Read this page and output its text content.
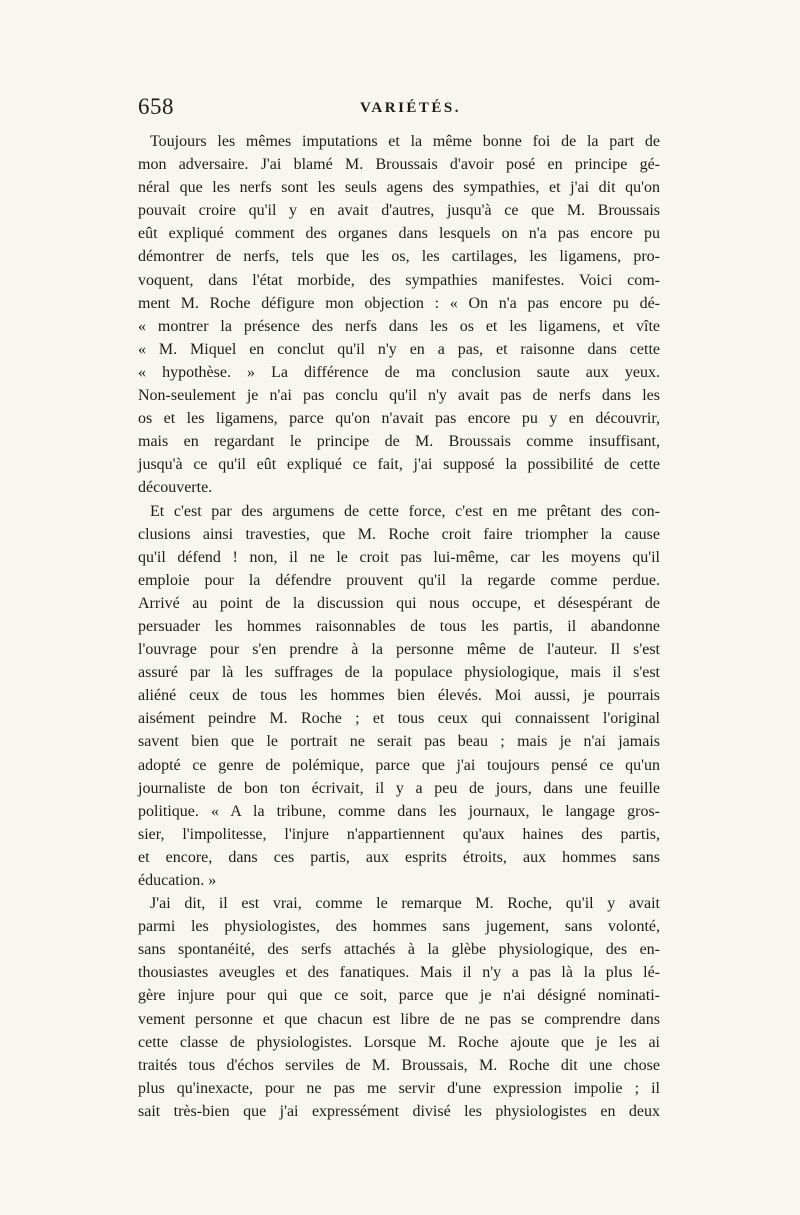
658	VARIÉTÉS.
Toujours les mêmes imputations et la même bonne foi de la part de
mon adversaire. J'ai blamé M. Broussais d'avoir posé en principe gé-
néral que les nerfs sont les seuls agens des sympathies, et j'ai dit qu'on
pouvait croire qu'il y en avait d'autres, jusqu'à ce que M. Broussais
eût expliqué comment des organes dans lesquels on n'a pas encore pu
démontrer de nerfs, tels que les os, les cartilages, les ligamens, pro-
voquent, dans l'état morbide, des sympathies manifestes. Voici com-
ment M. Roche défigure mon objection : « On n'a pas encore pu dé-
« montrer la présence des nerfs dans les os et les ligamens, et vîte
« M. Miquel en conclut qu'il n'y en a pas, et raisonne dans cette
« hypothèse. » La différence de ma conclusion saute aux yeux.
Non-seulement je n'ai pas conclu qu'il n'y avait pas de nerfs dans les
os et les ligamens, parce qu'on n'avait pas encore pu y en découvrir,
mais en regardant le principe de M. Broussais comme insuffisant,
jusqu'à ce qu'il eût expliqué ce fait, j'ai supposé la possibilité de cette
découverte.
Et c'est par des argumens de cette force, c'est en me prêtant des con-
clusions ainsi travesties, que M. Roche croit faire triompher la cause
qu'il défend ! non, il ne le croit pas lui-même, car les moyens qu'il
emploie pour la défendre prouvent qu'il la regarde comme perdue.
Arrivé au point de la discussion qui nous occupe, et désespérant de
persuader les hommes raisonnables de tous les partis, il abandonne
l'ouvrage pour s'en prendre à la personne même de l'auteur. Il s'est
assuré par là les suffrages de la populace physiologique, mais il s'est
aliéné ceux de tous les hommes bien élevés. Moi aussi, je pourrais
aisément peindre M. Roche ; et tous ceux qui connaissent l'original
savent bien que le portrait ne serait pas beau ; mais je n'ai jamais
adopté ce genre de polémique, parce que j'ai toujours pensé ce qu'un
journaliste de bon ton écrivait, il y a peu de jours, dans une feuille
politique. « A la tribune, comme dans les journaux, le langage gros-
sier, l'impolitesse, l'injure n'appartiennent qu'aux haines des partis,
et encore, dans ces partis, aux esprits étroits, aux hommes sans
éducation. »
J'ai dit, il est vrai, comme le remarque M. Roche, qu'il y avait
parmi les physiologistes, des hommes sans jugement, sans volonté,
sans spontanéité, des serfs attachés à la glèbe physiologique, des en-
thousiastes aveugles et des fanatiques. Mais il n'y a pas là la plus lé-
gère injure pour qui que ce soit, parce que je n'ai désigné nominati-
vement personne et que chacun est libre de ne pas se comprendre dans
cette classe de physiologistes. Lorsque M. Roche ajoute que je les ai
traités tous d'échos serviles de M. Broussais, M. Roche dit une chose
plus qu'inexacte, pour ne pas me servir d'une expression impolie ; il
sait très-bien que j'ai expressément divisé les physiologistes en deux
